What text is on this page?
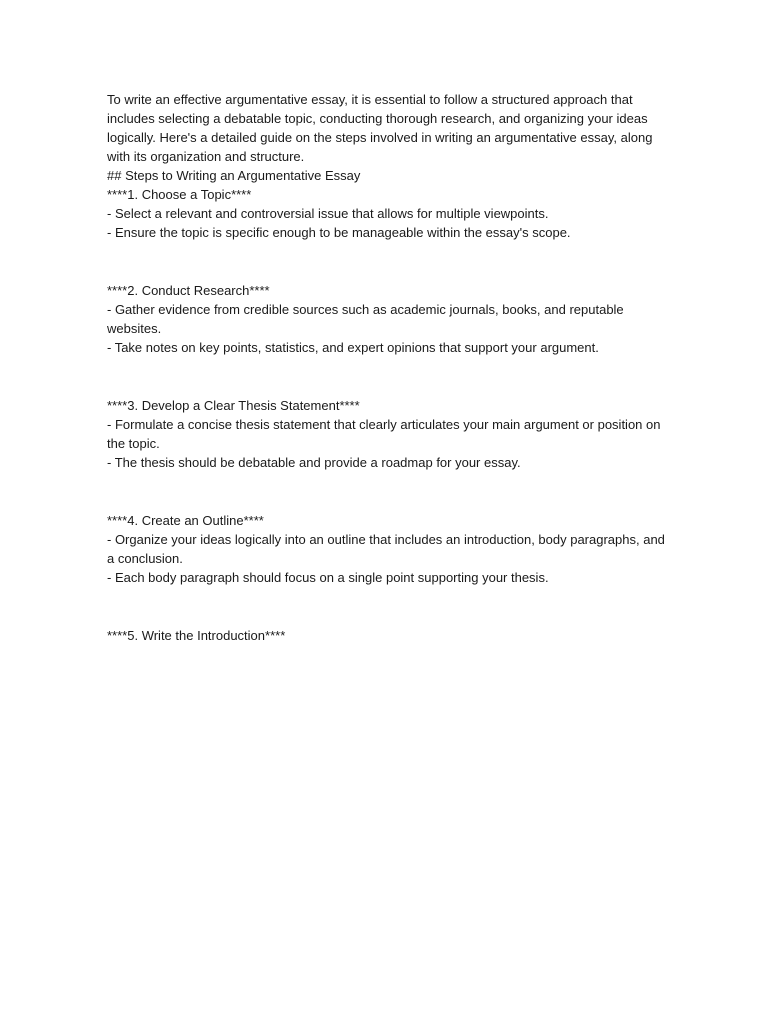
To write an effective argumentative essay, it is essential to follow a structured approach that includes selecting a debatable topic, conducting thorough research, and organizing your ideas logically. Here's a detailed guide on the steps involved in writing an argumentative essay, along with its organization and structure.

## Steps to Writing an Argumentative Essay

****1. Choose a Topic****

- Select a relevant and controversial issue that allows for multiple viewpoints.

- Ensure the topic is specific enough to be manageable within the essay's scope.

****2. Conduct Research****

- Gather evidence from credible sources such as academic journals, books, and reputable websites.

- Take notes on key points, statistics, and expert opinions that support your argument.

****3. Develop a Clear Thesis Statement****

- Formulate a concise thesis statement that clearly articulates your main argument or position on the topic.

- The thesis should be debatable and provide a roadmap for your essay.

****4. Create an Outline****

- Organize your ideas logically into an outline that includes an introduction, body paragraphs, and a conclusion.

- Each body paragraph should focus on a single point supporting your thesis.

****5. Write the Introduction****
